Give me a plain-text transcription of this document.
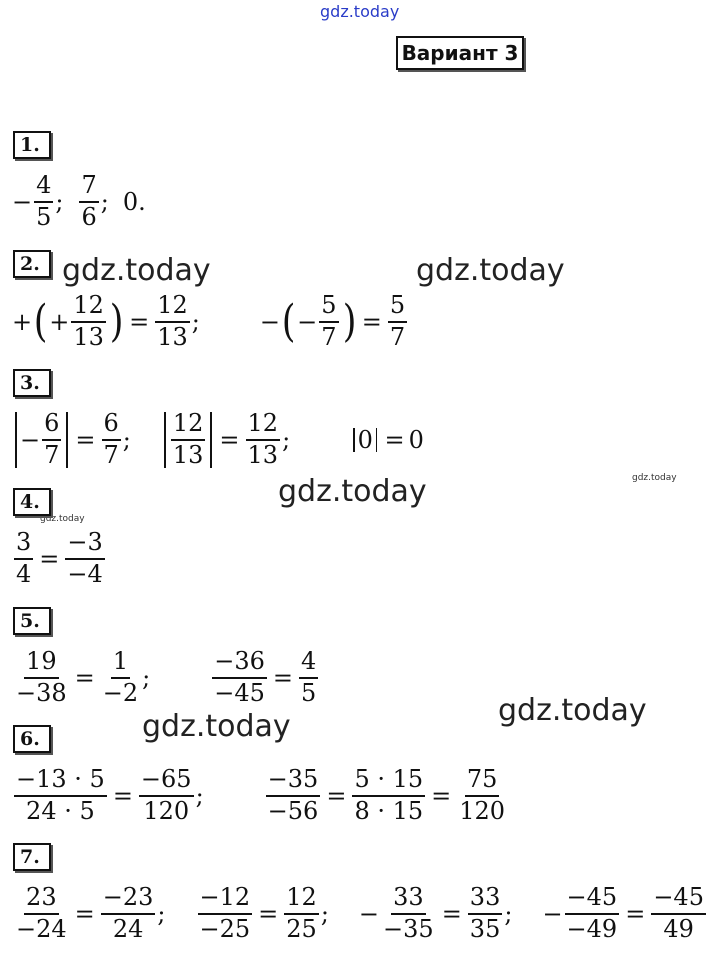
gdz.today
gdz.today	gdz.today
gdz.today
gdz.today	gdz.today
gdz.today
gdz.today
Вариант 3
1.
− $\frac{4}{5}$ ; $\frac{7}{6}$ ; 0.
2.
+ ( + $\frac{12}{13}$ ) = $\frac{12}{13}$ ;	− ( − $\frac{5}{7}$ ) = $\frac{5}{7}$
3.
− $\frac{6}{7} = \frac{6}{7}$ ; $\frac{12}{13} = \frac{12}{13}$ ;	0 = 0
4.
$\frac{3}{4} = \frac{-3}{-4}$
5.
$\frac{19}{-38} = \frac{1}{-2}$ ;	$\frac{-36}{-45} = \frac{4}{5}$
6.
$\frac{-13 \cdot 5}{24 \cdot 5} = \frac{-65}{120}$ ;	$\frac{-35}{-56} = \frac{5 \cdot 15}{8 \cdot 15} = \frac{75}{120}$
7.
$\frac{23}{-24} = \frac{-23}{24}$ ; $\frac{-12}{-25} = \frac{12}{25}$ ; − $\frac{33}{-35} = \frac{33}{35}$ ; − $\frac{-45}{-49} = \frac{-45}{49}$
